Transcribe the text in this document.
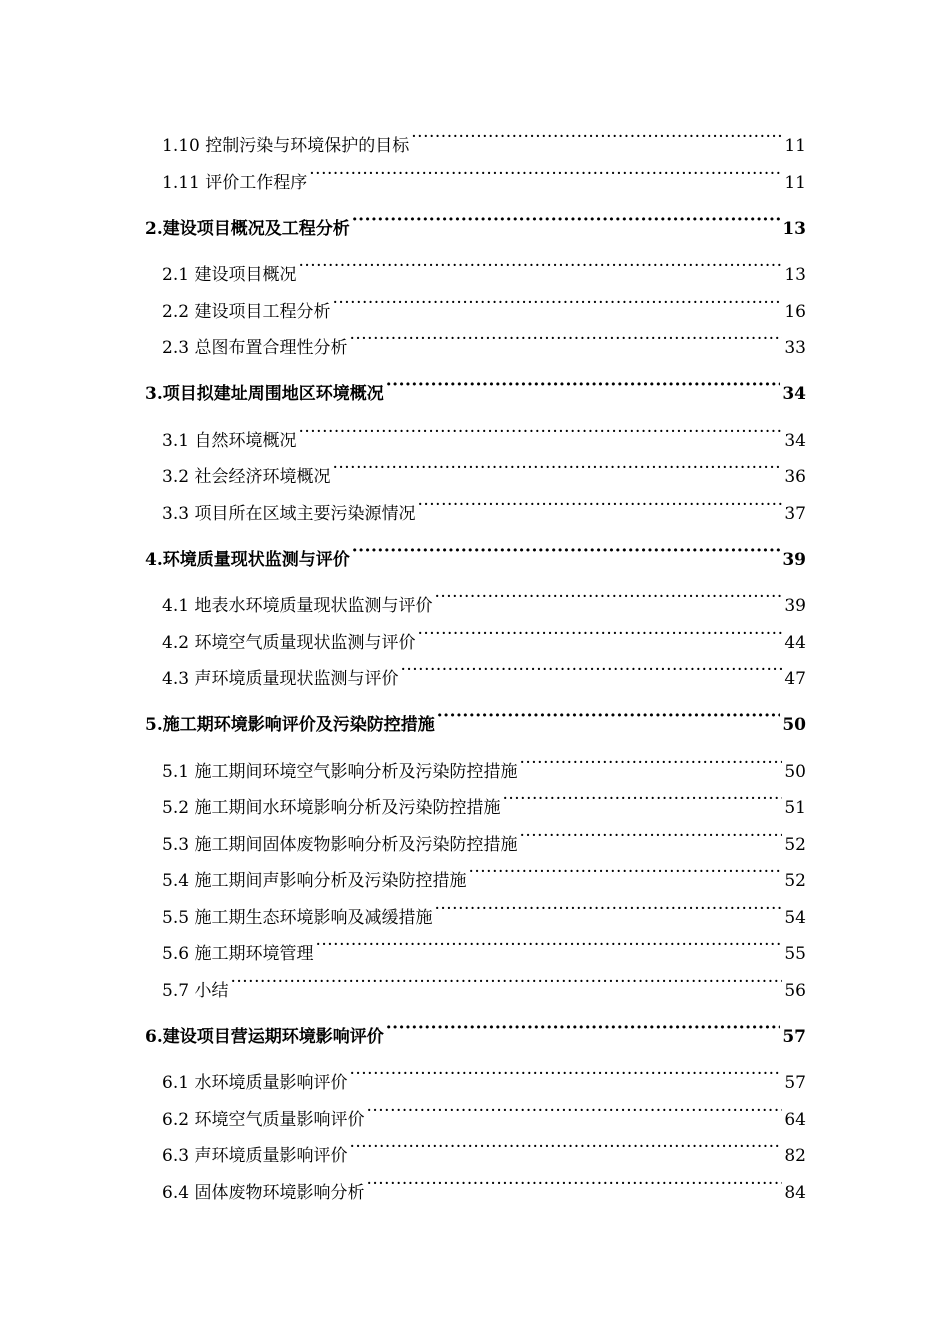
1.10 控制污染与环境保护的目标 ·····	11
1.11 评价工作程序 ·····	11
2.建设项目概况及工程分析 ·····	13
2.1 建设项目概况 ·····	13
2.2 建设项目工程分析 ·····	16
2.3 总图布置合理性分析 ·····	33
3.项目拟建址周围地区环境概况 ·····	34
3.1 自然环境概况 ·····	34
3.2 社会经济环境概况 ·····	36
3.3 项目所在区域主要污染源情况 ·····	37
4.环境质量现状监测与评价 ·····	39
4.1 地表水环境质量现状监测与评价 ·····	39
4.2 环境空气质量现状监测与评价 ·····	44
4.3 声环境质量现状监测与评价 ·····	47
5.施工期环境影响评价及污染防控措施 ·····	50
5.1 施工期间环境空气影响分析及污染防控措施 ·····	50
5.2 施工期间水环境影响分析及污染防控措施 ·····	51
5.3 施工期间固体废物影响分析及污染防控措施 ·····	52
5.4 施工期间声影响分析及污染防控措施 ·····	52
5.5 施工期生态环境影响及减缓措施 ·····	54
5.6 施工期环境管理 ·····	55
5.7 小结 ·····	56
6.建设项目营运期环境影响评价 ·····	57
6.1 水环境质量影响评价 ·····	57
6.2 环境空气质量影响评价 ·····	64
6.3 声环境质量影响评价 ·····	82
6.4 固体废物环境影响分析 ·····	84
